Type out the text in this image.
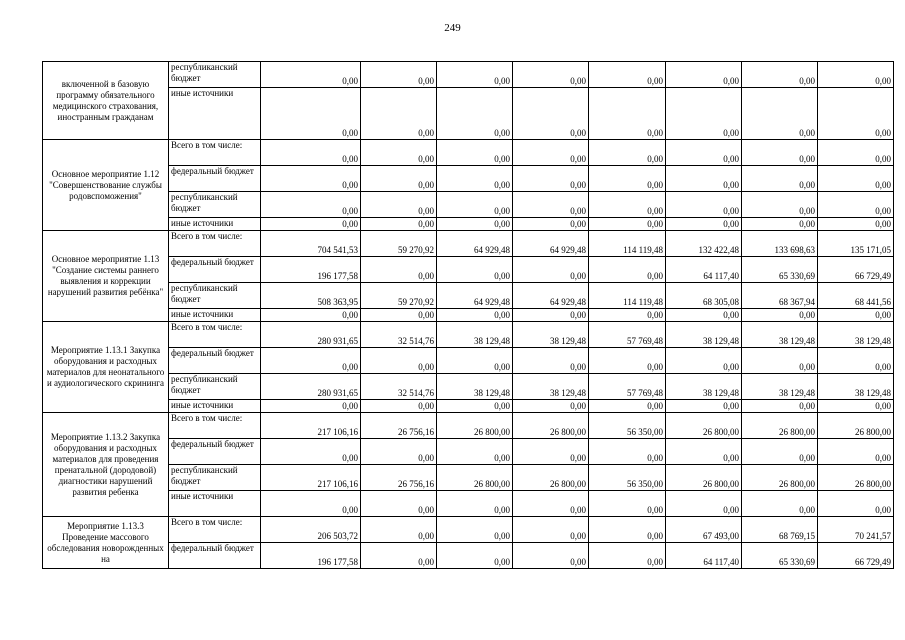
249
включенной в базовую программу обязательного медицинского страхования, иностранным гражданам	республиканский бюджет	0,00	0,00	0,00	0,00	0,00	0,00	0,00	0,00
	иные источники	0,00	0,00	0,00	0,00	0,00	0,00	0,00	0,00
Основное мероприятие 1.12 "Совершенствование службы родовспоможения"	Всего в том числе:	0,00	0,00	0,00	0,00	0,00	0,00	0,00	0,00
	федеральный бюджет	0,00	0,00	0,00	0,00	0,00	0,00	0,00	0,00
	республиканский бюджет	0,00	0,00	0,00	0,00	0,00	0,00	0,00	0,00
	иные источники	0,00	0,00	0,00	0,00	0,00	0,00	0,00	0,00
Основное мероприятие 1.13 "Создание системы раннего выявления и коррекции нарушений развития ребёнка"	Всего в том числе:	704 541,53	59 270,92	64 929,48	64 929,48	114 119,48	132 422,48	133 698,63	135 171,05
	федеральный бюджет	196 177,58	0,00	0,00	0,00	0,00	64 117,40	65 330,69	66 729,49
	республиканский бюджет	508 363,95	59 270,92	64 929,48	64 929,48	114 119,48	68 305,08	68 367,94	68 441,56
	иные источники	0,00	0,00	0,00	0,00	0,00	0,00	0,00	0,00
Мероприятие 1.13.1 Закупка оборудования и расходных материалов для неонатального и аудиологического скрининга	Всего в том числе:	280 931,65	32 514,76	38 129,48	38 129,48	57 769,48	38 129,48	38 129,48	38 129,48
	федеральный бюджет	0,00	0,00	0,00	0,00	0,00	0,00	0,00	0,00
	республиканский бюджет	280 931,65	32 514,76	38 129,48	38 129,48	57 769,48	38 129,48	38 129,48	38 129,48
	иные источники	0,00	0,00	0,00	0,00	0,00	0,00	0,00	0,00
Мероприятие 1.13.2 Закупка оборудования и расходных материалов для проведения пренатальной (дородовой) диагностики нарушений развития ребенка	Всего в том числе:	217 106,16	26 756,16	26 800,00	26 800,00	56 350,00	26 800,00	26 800,00	26 800,00
	федеральный бюджет	0,00	0,00	0,00	0,00	0,00	0,00	0,00	0,00
	республиканский бюджет	217 106,16	26 756,16	26 800,00	26 800,00	56 350,00	26 800,00	26 800,00	26 800,00
	иные источники	0,00	0,00	0,00	0,00	0,00	0,00	0,00	0,00
Мероприятие 1.13.3 Проведение массового обследования новорожденных на	Всего в том числе:	206 503,72	0,00	0,00	0,00	0,00	67 493,00	68 769,15	70 241,57
	федеральный бюджет	196 177,58	0,00	0,00	0,00	0,00	64 117,40	65 330,69	66 729,49
